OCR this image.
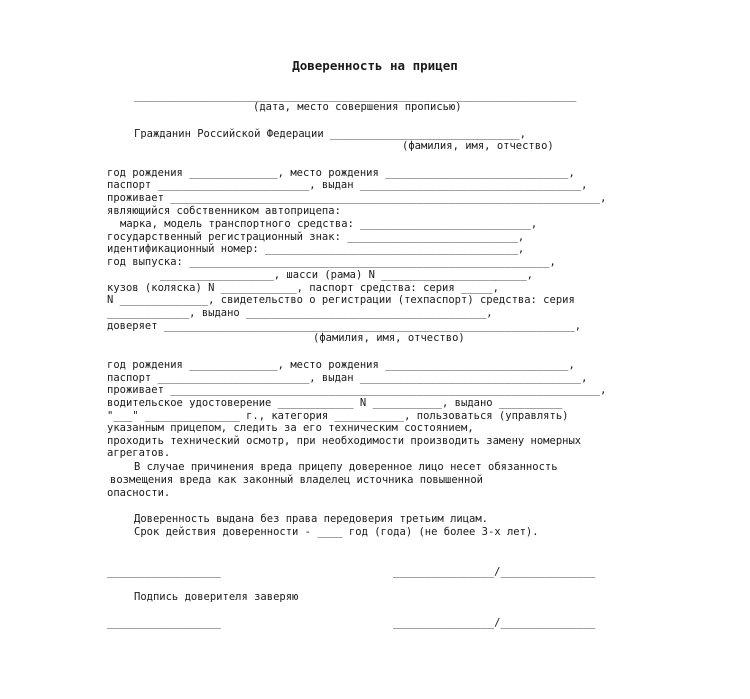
Доверенность на прицеп
______________________________________________________________________
(дата, место совершения прописью)
Гражданин Российской Федерации ______________________________,
(фамилия, имя, отчество)
год рождения ______________, место рождения _____________________________,
паспорт ________________________, выдан ___________________________________,
проживает ____________________________________________________________________,
являющийся собственником автоприцепа:
марка, модель транспортного средства: ___________________________,
государственный регистрационный знак: ___________________________,
идентификационный номер: ________________________________________,
год выпуска: _________________________________________________________,
__________________, шасси (рама) N _______________________,
кузов (коляска) N ____________, паспорт средства: серия _____,
N ______________, свидетельство о регистрации (техпаспорт) средства: серия
_____________, выдано ______________________________________,
доверяет _________________________________________________________________,
(фамилия, имя, отчество)
год рождения ______________, место рождения _____________________________,
паспорт ________________________, выдан ___________________________________,
проживает ____________________________________________________________________,
водительское удостоверение ____________ N ___________, выдано __________
"___" _______________ г., категория ___________, пользоваться (управлять)
указанным прицепом, следить за его техническим состоянием,
проходить технический осмотр, при необходимости производить замену номерных
агрегатов.
В случае причинения вреда прицепу доверенное лицо несет обязанность
возмещения вреда как законный владелец источника повышенной
опасности.
Доверенность выдана без права передоверия третьим лицам.
Срок действия доверенности - ____ год (года) (не более 3-х лет).
__________________	________________/_______________
Подпись доверителя заверяю
__________________	________________/_______________
